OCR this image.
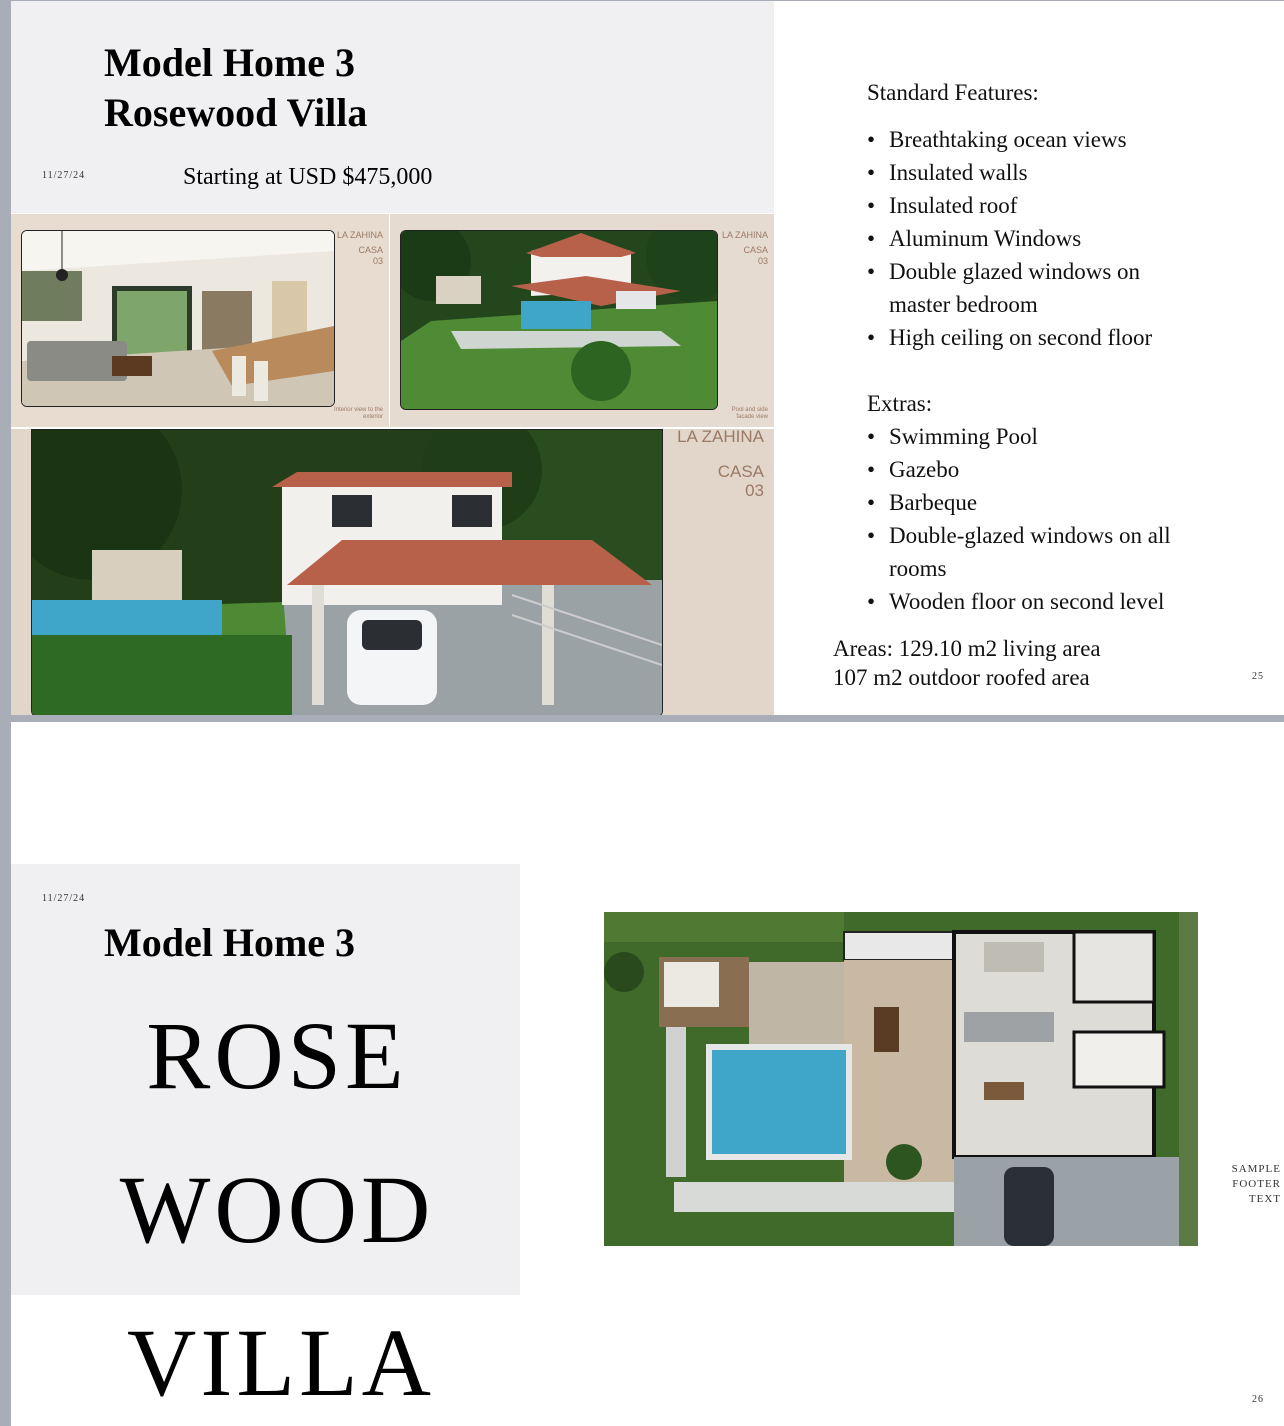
Model Home 3
Rosewood Villa
11/27/24	Starting at USD $475,000
LA ZAHINA
CASA
03
Interior view to the exterior
LA ZAHINA
CASA
03
Pool and side facade view
LA ZAHINA
CASA
03
Standard Features:
• Breathtaking ocean views
• Insulated walls
• Insulated roof
• Aluminum Windows
• Double glazed windows on master bedroom
• High ceiling on second floor
Extras:
• Swimming Pool
• Gazebo
• Barbeque
• Double-glazed windows on all rooms
• Wooden floor on second level
Areas: 129.10 m2 living area
107 m2 outdoor roofed area	25
11/27/24
Model Home 3
ROSE
WOOD
VILLA
SAMPLE FOOTER TEXT
26
